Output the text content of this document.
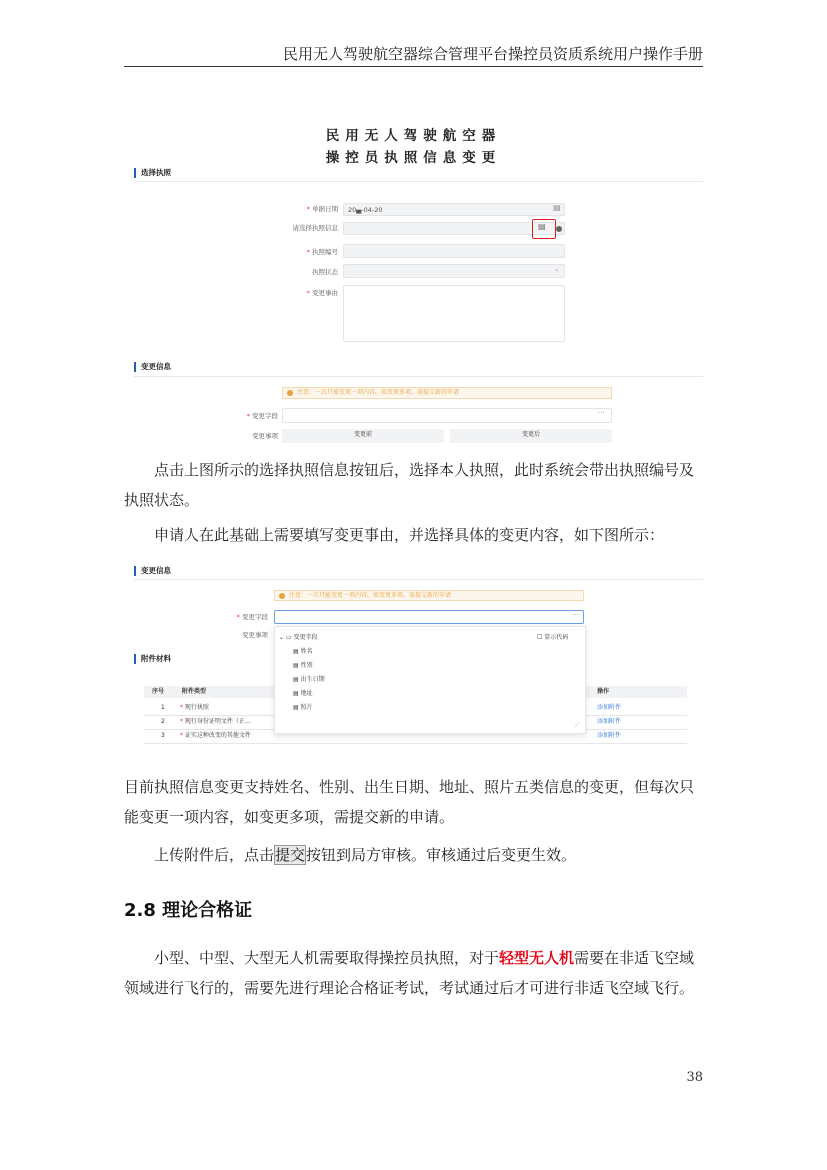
民用无人驾驶航空器综合管理平台操控员资质系统用户操作手册
民用无人驾驶航空器
操控员执照信息变更
选择执照
* 单据日期	20▄-04-20	▤
请选择执照信息	▤
* 执照编号
执照状态	⌄
* 变更事由
变更信息
注意：一次只能变更一项内容，如变更多项，需提交新的申请
* 变更字段	···
变更事项	变更前	变更后
点击上图所示的选择执照信息按钮后，选择本人执照，此时系统会带出执照编号及执照状态。
申请人在此基础上需要填写变更事由，并选择具体的变更内容，如下图所示：
变更信息
注意：一次只能变更一项内容，如变更多项，需提交新的申请
* 变更字段	···
变更事项
附件材料
序号	附件类型	操作
1	* 现行执照	添加附件
2	* 现行身份证明文件（正…	添加附件
3	* 证实这种改变的其他文件	添加附件
⌄ ▭ 变更字段	☐ 显示代码
▤ 姓名
▤ 性别
▤ 出生日期
▤ 地址
▤ 照片
⟋
目前执照信息变更支持姓名、性别、出生日期、地址、照片五类信息的变更，但每次只能变更一项内容，如变更多项，需提交新的申请。
上传附件后，点击提交按钮到局方审核。审核通过后变更生效。
2.8 理论合格证
小型、中型、大型无人机需要取得操控员执照，对于轻型无人机需要在非适飞空域领域进行飞行的，需要先进行理论合格证考试，考试通过后才可进行非适飞空域飞行。
38
